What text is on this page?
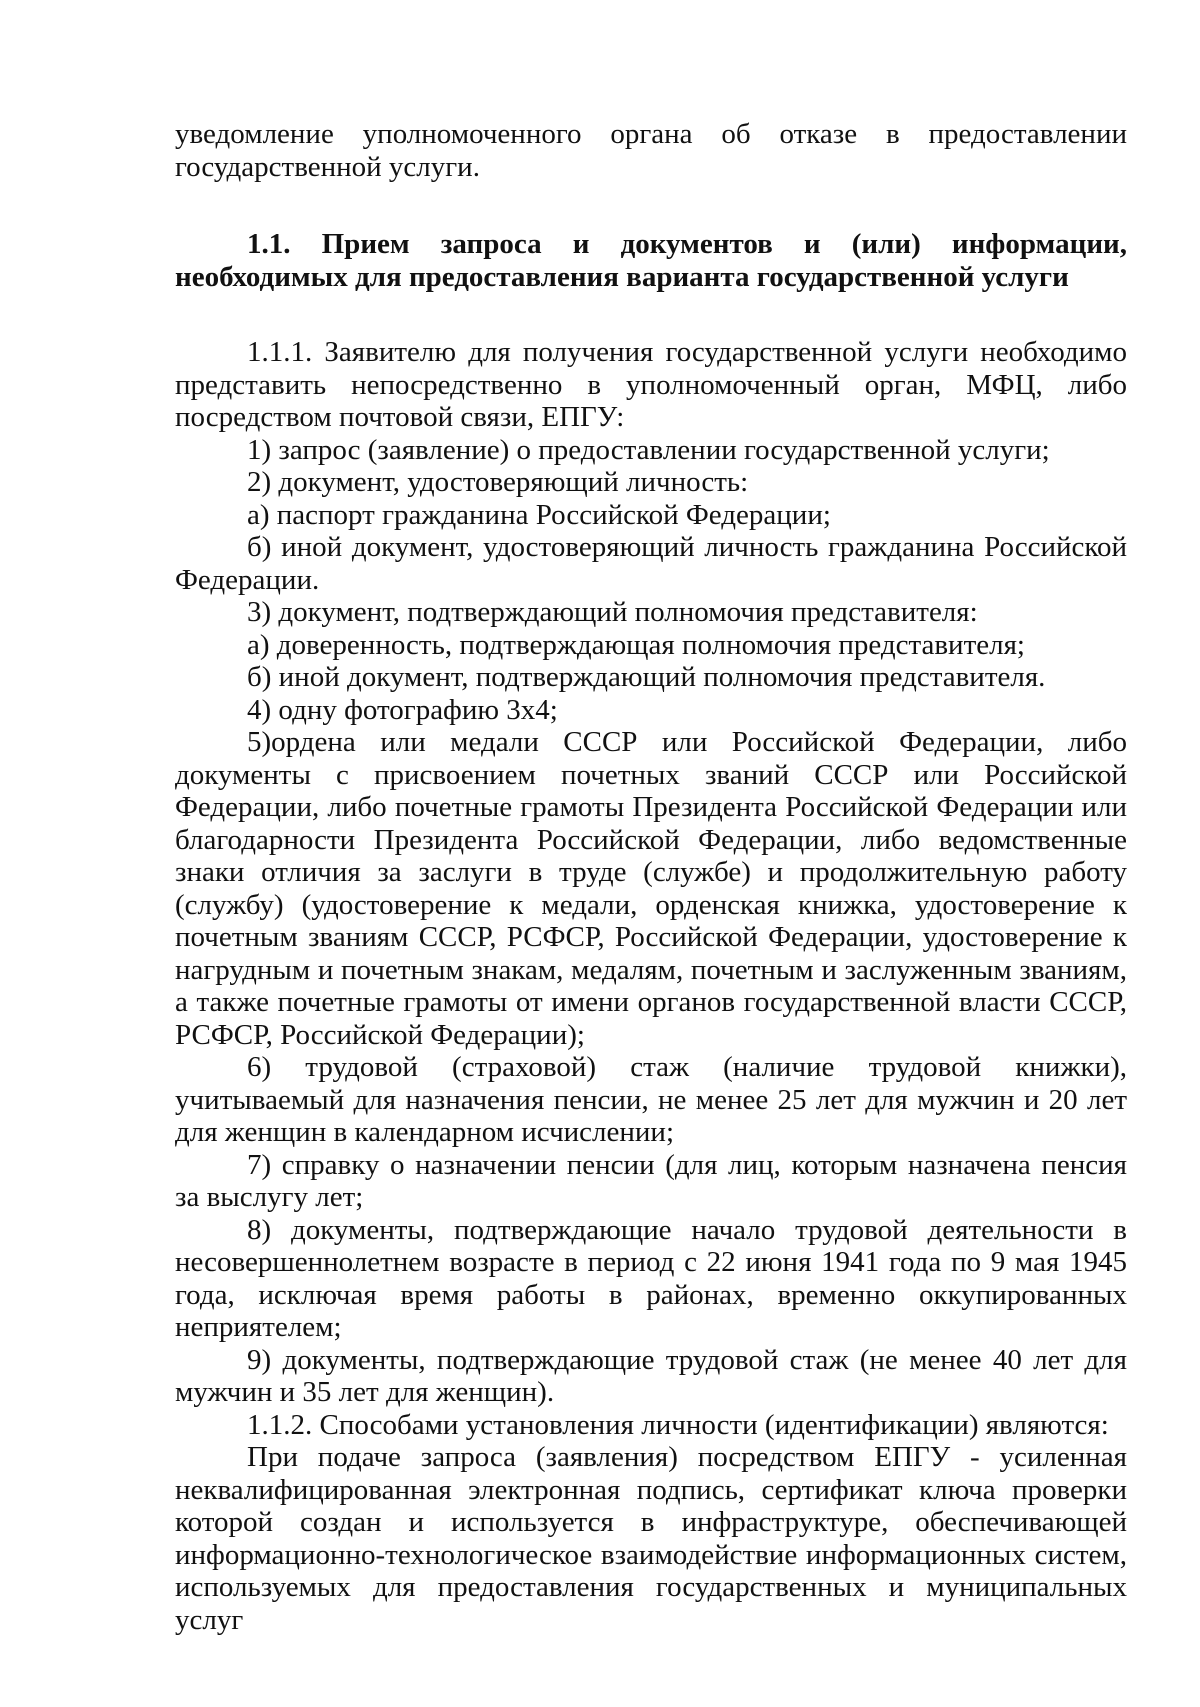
уведомление уполномоченного органа об отказе в предоставлении государственной услуги.

1.1. Прием запроса и документов и (или) информации, необходимых для предоставления варианта государственной услуги

1.1.1. Заявителю для получения государственной услуги необходимо представить непосредственно в уполномоченный орган, МФЦ, либо посредством почтовой связи, ЕПГУ:

1) запрос (заявление) о предоставлении государственной услуги;

2) документ, удостоверяющий личность:

а) паспорт гражданина Российской Федерации;

б) иной документ, удостоверяющий личность гражданина Российской Федерации.

3) документ, подтверждающий полномочия представителя:

а) доверенность, подтверждающая полномочия представителя;

б) иной документ, подтверждающий полномочия представителя.

4) одну фотографию 3х4;

5)ордена или медали СССР или Российской Федерации, либо документы с присвоением почетных званий СССР или Российской Федерации, либо почетные грамоты Президента Российской Федерации или благодарности Президента Российской Федерации, либо ведомственные знаки отличия за заслуги в труде (службе) и продолжительную работу (службу) (удостоверение к медали, орденская книжка, удостоверение к почетным званиям СССР, РСФСР, Российской Федерации, удостоверение к нагрудным и почетным знакам, медалям, почетным и заслуженным званиям, а также почетные грамоты от имени органов государственной власти СССР, РСФСР, Российской Федерации);

6) трудовой (страховой) стаж (наличие трудовой книжки), учитываемый для назначения пенсии, не менее 25 лет для мужчин и 20 лет для женщин в календарном исчислении;

7) справку о назначении пенсии (для лиц, которым назначена пенсия за выслугу лет;

8) документы, подтверждающие начало трудовой деятельности в несовершеннолетнем возрасте в период с 22 июня 1941 года по 9 мая 1945 года, исключая время работы в районах, временно оккупированных неприятелем;

9) документы, подтверждающие трудовой стаж (не менее 40 лет для мужчин и 35 лет для женщин).

1.1.2. Способами установления личности (идентификации) являются:

При подаче запроса (заявления) посредством ЕПГУ - усиленная неквалифицированная электронная подпись, сертификат ключа проверки которой создан и используется в инфраструктуре, обеспечивающей информационно-технологическое взаимодействие информационных систем, используемых для предоставления государственных и муниципальных услуг
